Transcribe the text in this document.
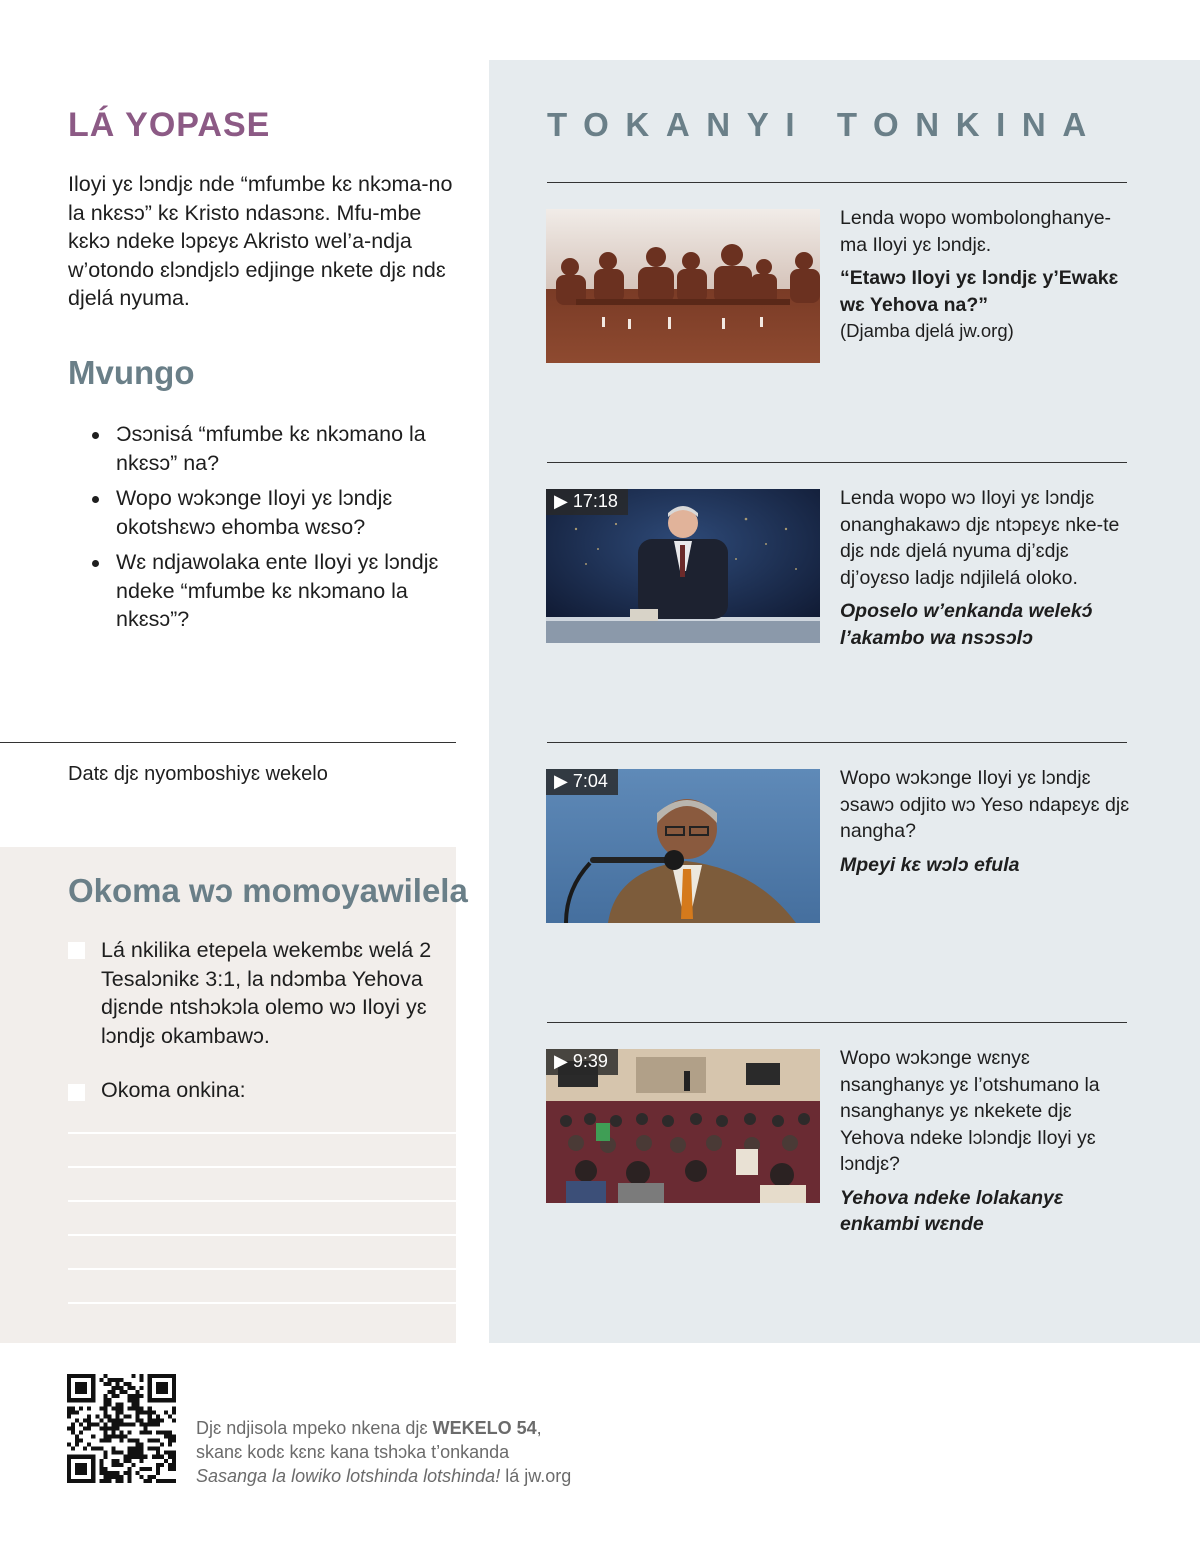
LÁ YOPASE
Iloyi yɛ lɔndjɛ nde “mfumbe kɛ nkɔma-no la nkɛsɔ” kɛ Kristo ndasɔnɛ. Mfu-mbe kɛkɔ ndeke lɔpɛyɛ Akristo wel’a-ndja w’otondo ɛlɔndjɛlɔ edjinge nkete djɛ ndɛ djelá nyuma.
Mvungo
Ɔsɔnisá “mfumbe kɛ nkɔmano la nkɛsɔ” na?
Wopo wɔkɔnge Iloyi yɛ lɔndjɛ okotshɛwɔ ehomba wɛso?
Wɛ ndjawolaka ente Iloyi yɛ lɔndjɛ ndeke “mfumbe kɛ nkɔmano la nkɛsɔ”?
Datɛ djɛ nyomboshiyɛ wekelo
Okoma wɔ momoyawilela
Lá nkilika etepela wekembɛ welá 2 Tesalɔnikɛ 3:1, la ndɔmba Yehova djɛnde ntshɔkɔla olemo wɔ Iloyi yɛ lɔndjɛ okambawɔ.
Okoma onkina:
TOKANYI TONKINA
Lenda wopo wombolonghanye-ma Iloyi yɛ lɔndjɛ.
“Etawɔ Iloyi yɛ lɔndjɛ y’Ewakɛ wɛ Yehova na?”
(Djamba djelá jw.org)
▶ 17:18	Lenda wopo wɔ Iloyi yɛ lɔndjɛ onanghakawɔ djɛ ntɔpɛyɛ nke-te djɛ ndɛ djelá nyuma dj’ɛdjɛ dj’oyɛso ladjɛ ndjilelá oloko.
Oposelo w’enkanda welekɔ́ l’akambo wa nsɔsɔlɔ
▶ 7:04	Wopo wɔkɔnge Iloyi yɛ lɔndjɛ ɔsawɔ odjito wɔ Yeso ndapɛyɛ djɛ nangha?
Mpeyi kɛ wɔlɔ efula
▶ 9:39	Wopo wɔkɔnge wɛnyɛ nsanghanyɛ yɛ l’otshumano la nsanghanyɛ yɛ nkekete djɛ Yehova ndeke lɔlɔndjɛ Iloyi yɛ lɔndjɛ?
Yehova ndeke lolakanyɛ enkambi wɛnde
Djɛ ndjisola mpeko nkena djɛ WEKELO 54,
skanɛ kodɛ kɛnɛ kana tshɔka t’onkanda
Sasanga la lowiko lotshinda lotshinda! lá jw.org
